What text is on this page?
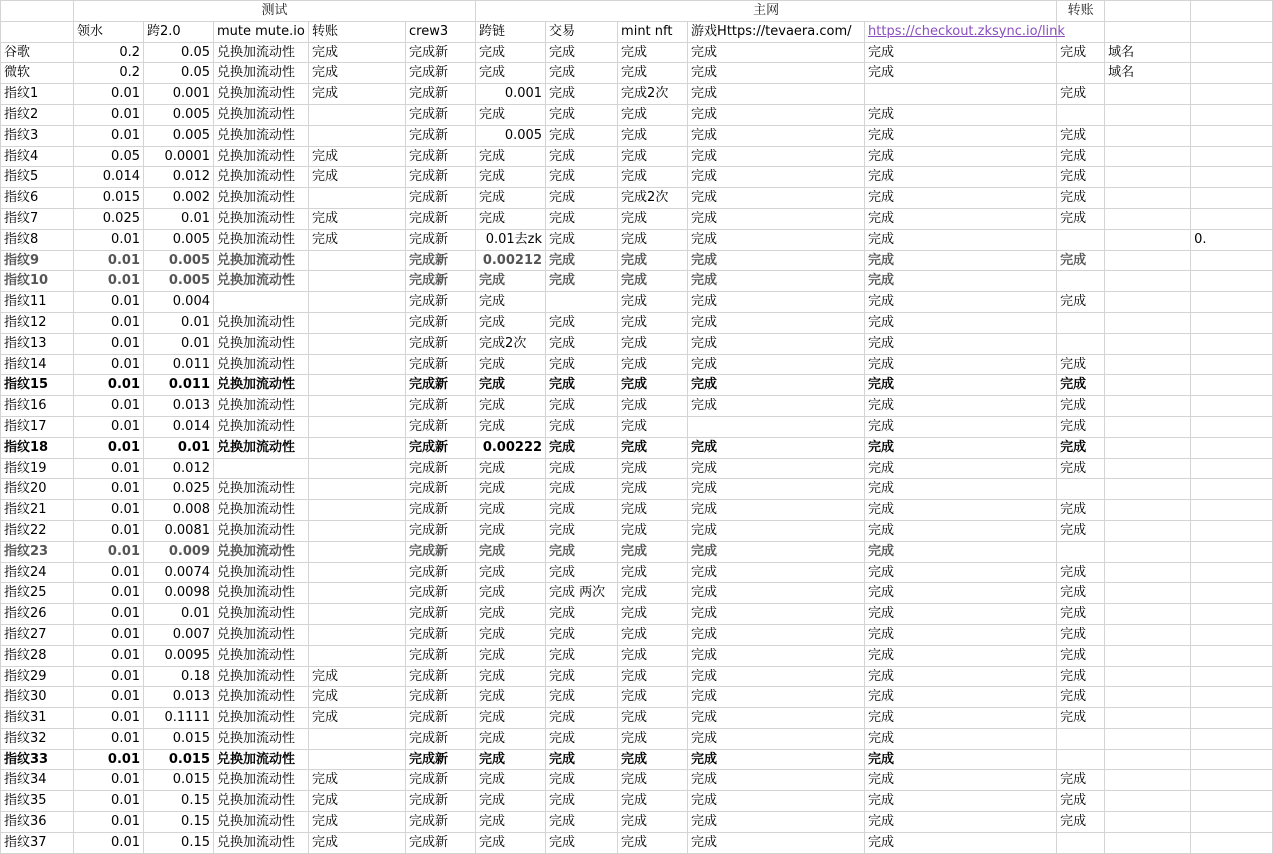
	测试					主网					转账		
	领水	跨2.0	mute mute.io	转账	crew3	跨链	交易	mint nft	游戏Https://tevaera.com/	https://checkout.zksync.io/link			
谷歌	0.2	0.05	兑换加流动性	完成	完成新	完成	完成	完成	完成	完成	完成	域名	
微软	0.2	0.05	兑换加流动性	完成	完成新	完成	完成	完成	完成	完成		域名	
指纹1	0.01	0.001	兑换加流动性	完成	完成新	0.001	完成	完成2次	完成		完成		
指纹2	0.01	0.005	兑换加流动性		完成新	完成	完成	完成	完成	完成			
指纹3	0.01	0.005	兑换加流动性		完成新	0.005	完成	完成	完成	完成	完成		
指纹4	0.05	0.0001	兑换加流动性	完成	完成新	完成	完成	完成	完成	完成	完成		
指纹5	0.014	0.012	兑换加流动性	完成	完成新	完成	完成	完成	完成	完成	完成		
指纹6	0.015	0.002	兑换加流动性		完成新	完成	完成	完成2次	完成	完成	完成		
指纹7	0.025	0.01	兑换加流动性	完成	完成新	完成	完成	完成	完成	完成	完成		
指纹8	0.01	0.005	兑换加流动性	完成	完成新	0.01去zk	完成	完成	完成	完成			0.
指纹9	0.01	0.005	兑换加流动性		完成新	0.00212	完成	完成	完成	完成	完成		
指纹10	0.01	0.005	兑换加流动性		完成新	完成	完成	完成	完成	完成			
指纹11	0.01	0.004			完成新	完成		完成	完成	完成	完成		
指纹12	0.01	0.01	兑换加流动性		完成新	完成	完成	完成	完成	完成			
指纹13	0.01	0.01	兑换加流动性		完成新	完成2次	完成	完成	完成	完成			
指纹14	0.01	0.011	兑换加流动性		完成新	完成	完成	完成	完成	完成	完成		
指纹15	0.01	0.011	兑换加流动性		完成新	完成	完成	完成	完成	完成	完成		
指纹16	0.01	0.013	兑换加流动性		完成新	完成	完成	完成	完成	完成	完成		
指纹17	0.01	0.014	兑换加流动性		完成新	完成	完成	完成		完成	完成		
指纹18	0.01	0.01	兑换加流动性		完成新	0.00222	完成	完成	完成	完成	完成		
指纹19	0.01	0.012			完成新	完成	完成	完成	完成	完成	完成		
指纹20	0.01	0.025	兑换加流动性		完成新	完成	完成	完成	完成	完成			
指纹21	0.01	0.008	兑换加流动性		完成新	完成	完成	完成	完成	完成	完成		
指纹22	0.01	0.0081	兑换加流动性		完成新	完成	完成	完成	完成	完成	完成		
指纹23	0.01	0.009	兑换加流动性		完成新	完成	完成	完成	完成	完成			
指纹24	0.01	0.0074	兑换加流动性		完成新	完成	完成	完成	完成	完成	完成		
指纹25	0.01	0.0098	兑换加流动性		完成新	完成	完成 两次	完成	完成	完成	完成		
指纹26	0.01	0.01	兑换加流动性		完成新	完成	完成	完成	完成	完成	完成		
指纹27	0.01	0.007	兑换加流动性		完成新	完成	完成	完成	完成	完成	完成		
指纹28	0.01	0.0095	兑换加流动性		完成新	完成	完成	完成	完成	完成	完成		
指纹29	0.01	0.18	兑换加流动性	完成	完成新	完成	完成	完成	完成	完成	完成		
指纹30	0.01	0.013	兑换加流动性	完成	完成新	完成	完成	完成	完成	完成	完成		
指纹31	0.01	0.1111	兑换加流动性	完成	完成新	完成	完成	完成	完成	完成	完成		
指纹32	0.01	0.015	兑换加流动性		完成新	完成	完成	完成	完成	完成			
指纹33	0.01	0.015	兑换加流动性		完成新	完成	完成	完成	完成	完成			
指纹34	0.01	0.015	兑换加流动性	完成	完成新	完成	完成	完成	完成	完成	完成		
指纹35	0.01	0.15	兑换加流动性	完成	完成新	完成	完成	完成	完成	完成	完成		
指纹36	0.01	0.15	兑换加流动性	完成	完成新	完成	完成	完成	完成	完成	完成		
指纹37	0.01	0.15	兑换加流动性	完成	完成新	完成	完成	完成	完成	完成			
